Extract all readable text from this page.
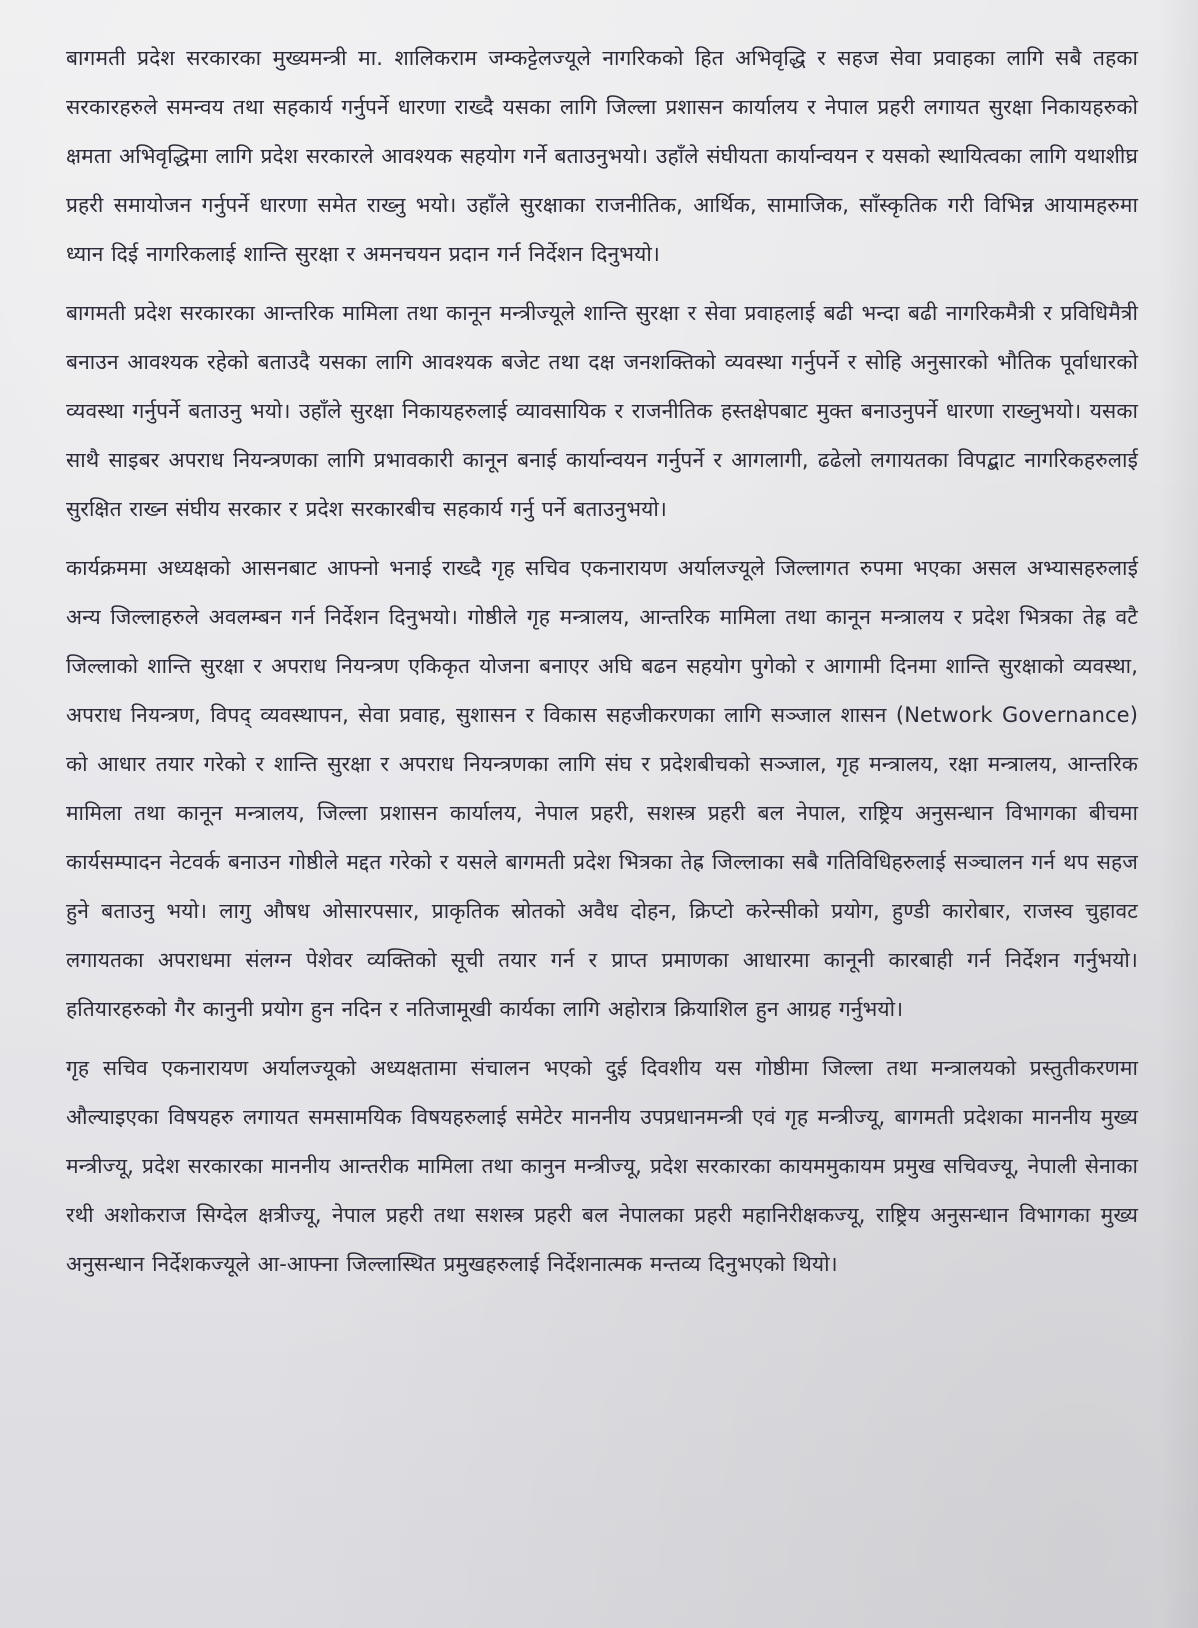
बागमती प्रदेश सरकारका मुख्यमन्त्री मा. शालिकराम जम्कट्टेलज्यूले नागरिकको हित अभिवृद्धि र सहज सेवा प्रवाहका लागि सबै तहका सरकारहरुले समन्वय तथा सहकार्य गर्नुपर्ने धारणा राख्दै यसका लागि जिल्ला प्रशासन कार्यालय र नेपाल प्रहरी लगायत सुरक्षा निकायहरुको क्षमता अभिवृद्धिमा लागि प्रदेश सरकारले आवश्यक सहयोग गर्ने बताउनुभयो। उहाँले संघीयता कार्यान्वयन र यसको स्थायित्वका लागि यथाशीघ्र प्रहरी समायोजन गर्नुपर्ने धारणा समेत राख्नु भयो। उहाँले सुरक्षाका राजनीतिक, आर्थिक, सामाजिक, साँस्कृतिक गरी विभिन्न आयामहरुमा ध्यान दिई नागरिकलाई शान्ति सुरक्षा र अमनचयन प्रदान गर्न निर्देशन दिनुभयो।

बागमती प्रदेश सरकारका आन्तरिक मामिला तथा कानून मन्त्रीज्यूले शान्ति सुरक्षा र सेवा प्रवाहलाई बढी भन्दा बढी नागरिकमैत्री र प्रविधिमैत्री बनाउन आवश्यक रहेको बताउदै यसका लागि आवश्यक बजेट तथा दक्ष जनशक्तिको व्यवस्था गर्नुपर्ने र सोहि अनुसारको भौतिक पूर्वाधारको व्यवस्था गर्नुपर्ने बताउनु भयो। उहाँले सुरक्षा निकायहरुलाई व्यावसायिक र राजनीतिक हस्तक्षेपबाट मुक्त बनाउनुपर्ने धारणा राख्नुभयो। यसका साथै साइबर अपराध नियन्त्रणका लागि प्रभावकारी कानून बनाई कार्यान्वयन गर्नुपर्ने र आगलागी, ढढेलो लगायतका विपद्बाट नागरिकहरुलाई सुरक्षित राख्न संघीय सरकार र प्रदेश सरकारबीच सहकार्य गर्नु पर्ने बताउनुभयो।

कार्यक्रममा अध्यक्षको आसनबाट आफ्नो भनाई राख्दै गृह सचिव एकनारायण अर्यालज्यूले जिल्लागत रुपमा भएका असल अभ्यासहरुलाई अन्य जिल्लाहरुले अवलम्बन गर्न निर्देशन दिनुभयो। गोष्ठीले गृह मन्त्रालय, आन्तरिक मामिला तथा कानून मन्त्रालय र प्रदेश भित्रका तेह्र वटै जिल्लाको शान्ति सुरक्षा र अपराध नियन्त्रण एकिकृत योजना बनाएर अघि बढन सहयोग पुगेको र आगामी दिनमा शान्ति सुरक्षाको व्यवस्था, अपराध नियन्त्रण, विपद् व्यवस्थापन, सेवा प्रवाह, सुशासन र विकास सहजीकरणका लागि सञ्जाल शासन (Network Governance) को आधार तयार गरेको र शान्ति सुरक्षा र अपराध नियन्त्रणका लागि संघ र प्रदेशबीचको सञ्जाल, गृह मन्त्रालय, रक्षा मन्त्रालय, आन्तरिक मामिला तथा कानून मन्त्रालय, जिल्ला प्रशासन कार्यालय, नेपाल प्रहरी, सशस्त्र प्रहरी बल नेपाल, राष्ट्रिय अनुसन्धान विभागका बीचमा कार्यसम्पादन नेटवर्क बनाउन गोष्ठीले मद्दत गरेको र यसले बागमती प्रदेश भित्रका तेह्र जिल्लाका सबै गतिविधिहरुलाई सञ्चालन गर्न थप सहज हुने बताउनु भयो। लागु औषध ओसारपसार, प्राकृतिक स्रोतको अवैध दोहन, क्रिप्टो करेन्सीको प्रयोग, हुण्डी कारोबार, राजस्व चुहावट लगायतका अपराधमा संलग्न पेशेवर व्यक्तिको सूची तयार गर्न र प्राप्त प्रमाणका आधारमा कानूनी कारबाही गर्न निर्देशन गर्नुभयो। हतियारहरुको गैर कानुनी प्रयोग हुन नदिन र नतिजामूखी कार्यका लागि अहोरात्र क्रियाशिल हुन आग्रह गर्नुभयो।

गृह सचिव एकनारायण अर्यालज्यूको अध्यक्षतामा संचालन भएको दुई दिवशीय यस गोष्ठीमा जिल्ला तथा मन्त्रालयको प्रस्तुतीकरणमा औल्याइएका विषयहरु लगायत समसामयिक विषयहरुलाई समेटेर माननीय उपप्रधानमन्त्री एवं गृह मन्त्रीज्यू, बागमती प्रदेशका माननीय मुख्य मन्त्रीज्यू, प्रदेश सरकारका माननीय आन्तरीक मामिला तथा कानुन मन्त्रीज्यू, प्रदेश सरकारका कायममुकायम प्रमुख सचिवज्यू, नेपाली सेनाका रथी अशोकराज सिग्देल क्षत्रीज्यू, नेपाल प्रहरी तथा सशस्त्र प्रहरी बल नेपालका प्रहरी महानिरीक्षकज्यू, राष्ट्रिय अनुसन्धान विभागका मुख्य अनुसन्धान निर्देशकज्यूले आ-आफ्ना जिल्लास्थित प्रमुखहरुलाई निर्देशनात्मक मन्तव्य दिनुभएको थियो।
